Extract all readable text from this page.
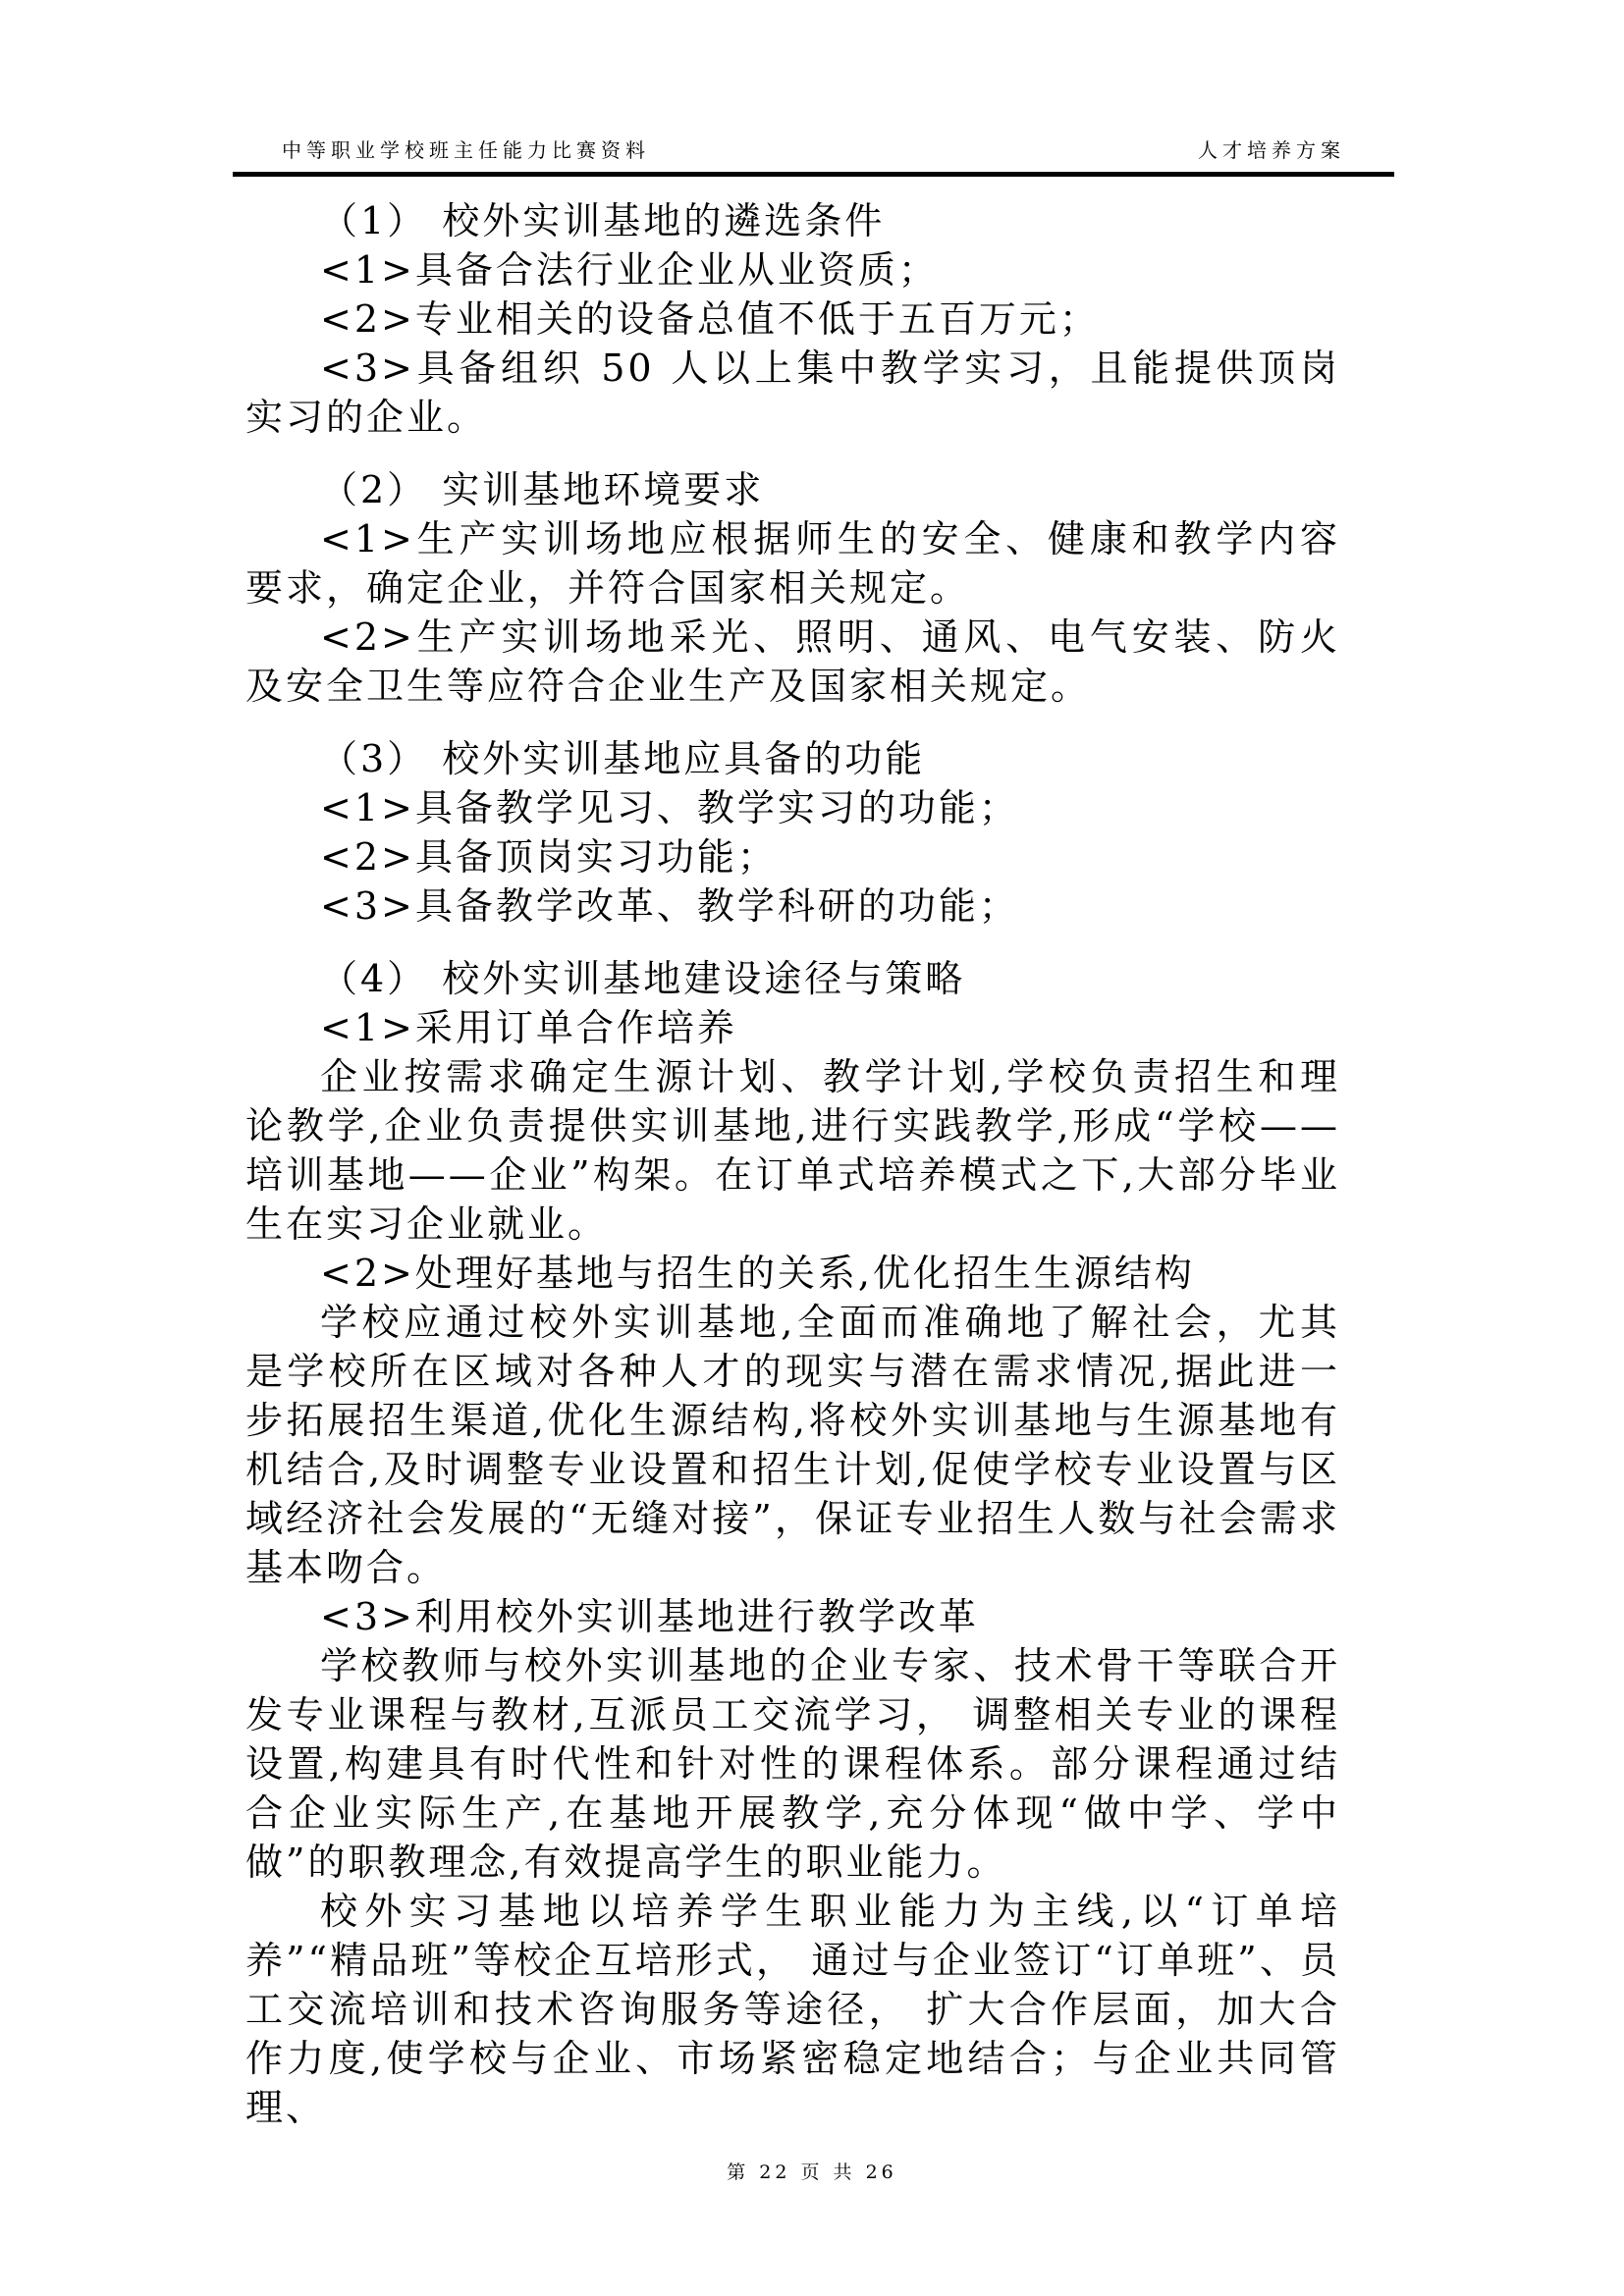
中等职业学校班主任能力比赛资料	人才培养方案

（1） 校外实训基地的遴选条件

<1>具备合法行业企业从业资质；

<2>专业相关的设备总值不低于五百万元；

<3>具备组织 50 人以上集中教学实习，且能提供顶岗实习的企业。

（2） 实训基地环境要求

<1>生产实训场地应根据师生的安全、健康和教学内容要求，确定企业，并符合国家相关规定。

<2>生产实训场地采光、照明、通风、电气安装、防火及安全卫生等应符合企业生产及国家相关规定。

（3） 校外实训基地应具备的功能

<1>具备教学见习、教学实习的功能；

<2>具备顶岗实习功能；

<3>具备教学改革、教学科研的功能；

（4） 校外实训基地建设途径与策略

<1>采用订单合作培养

企业按需求确定生源计划、教学计划,学校负责招生和理论教学,企业负责提供实训基地,进行实践教学,形成“学校——培训基地——企业”构架。在订单式培养模式之下,大部分毕业生在实习企业就业。

<2>处理好基地与招生的关系,优化招生生源结构

学校应通过校外实训基地,全面而准确地了解社会，尤其是学校所在区域对各种人才的现实与潜在需求情况,据此进一步拓展招生渠道,优化生源结构,将校外实训基地与生源基地有机结合,及时调整专业设置和招生计划,促使学校专业设置与区域经济社会发展的“无缝对接”，保证专业招生人数与社会需求基本吻合。

<3>利用校外实训基地进行教学改革

学校教师与校外实训基地的企业专家、技术骨干等联合开发专业课程与教材,互派员工交流学习， 调整相关专业的课程设置,构建具有时代性和针对性的课程体系。部分课程通过结合企业实际生产,在基地开展教学,充分体现“做中学、学中做”的职教理念,有效提高学生的职业能力。

校外实习基地以培养学生职业能力为主线,以“订单培养”“精品班”等校企互培形式， 通过与企业签订“订单班”、员工交流培训和技术咨询服务等途径， 扩大合作层面，加大合作力度,使学校与企业、市场紧密稳定地结合；与企业共同管理、

第 22 页 共 26
